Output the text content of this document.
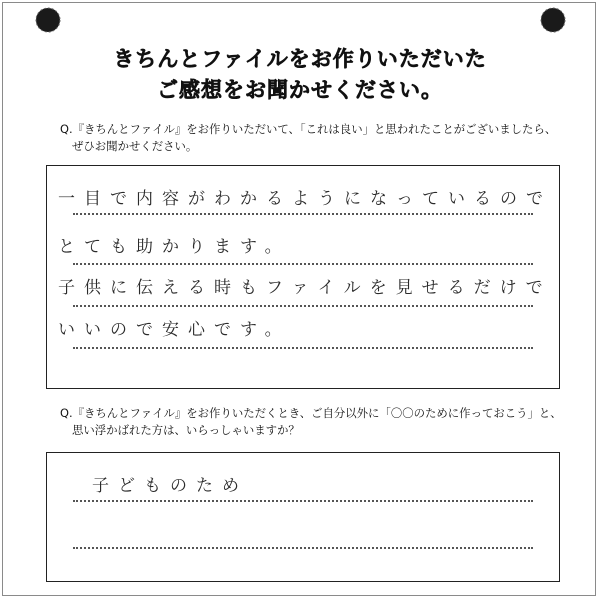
きちんとファイルをお作りいただいた
ご感想をお聞かせください。
Q.『きちんとファイル』をお作りいただいて、「これは良い」と思われたことがございましたら、
ぜひお聞かせください。
一目で内容がわかるようになっているので
とても助かります。
子供に伝える時もファイルを見せるだけで
いいので安心です。
Q.『きちんとファイル』をお作りいただくとき、ご自分以外に「〇〇のために作っておこう」と、
思い浮かばれた方は、いらっしゃいますか？
子どものため
